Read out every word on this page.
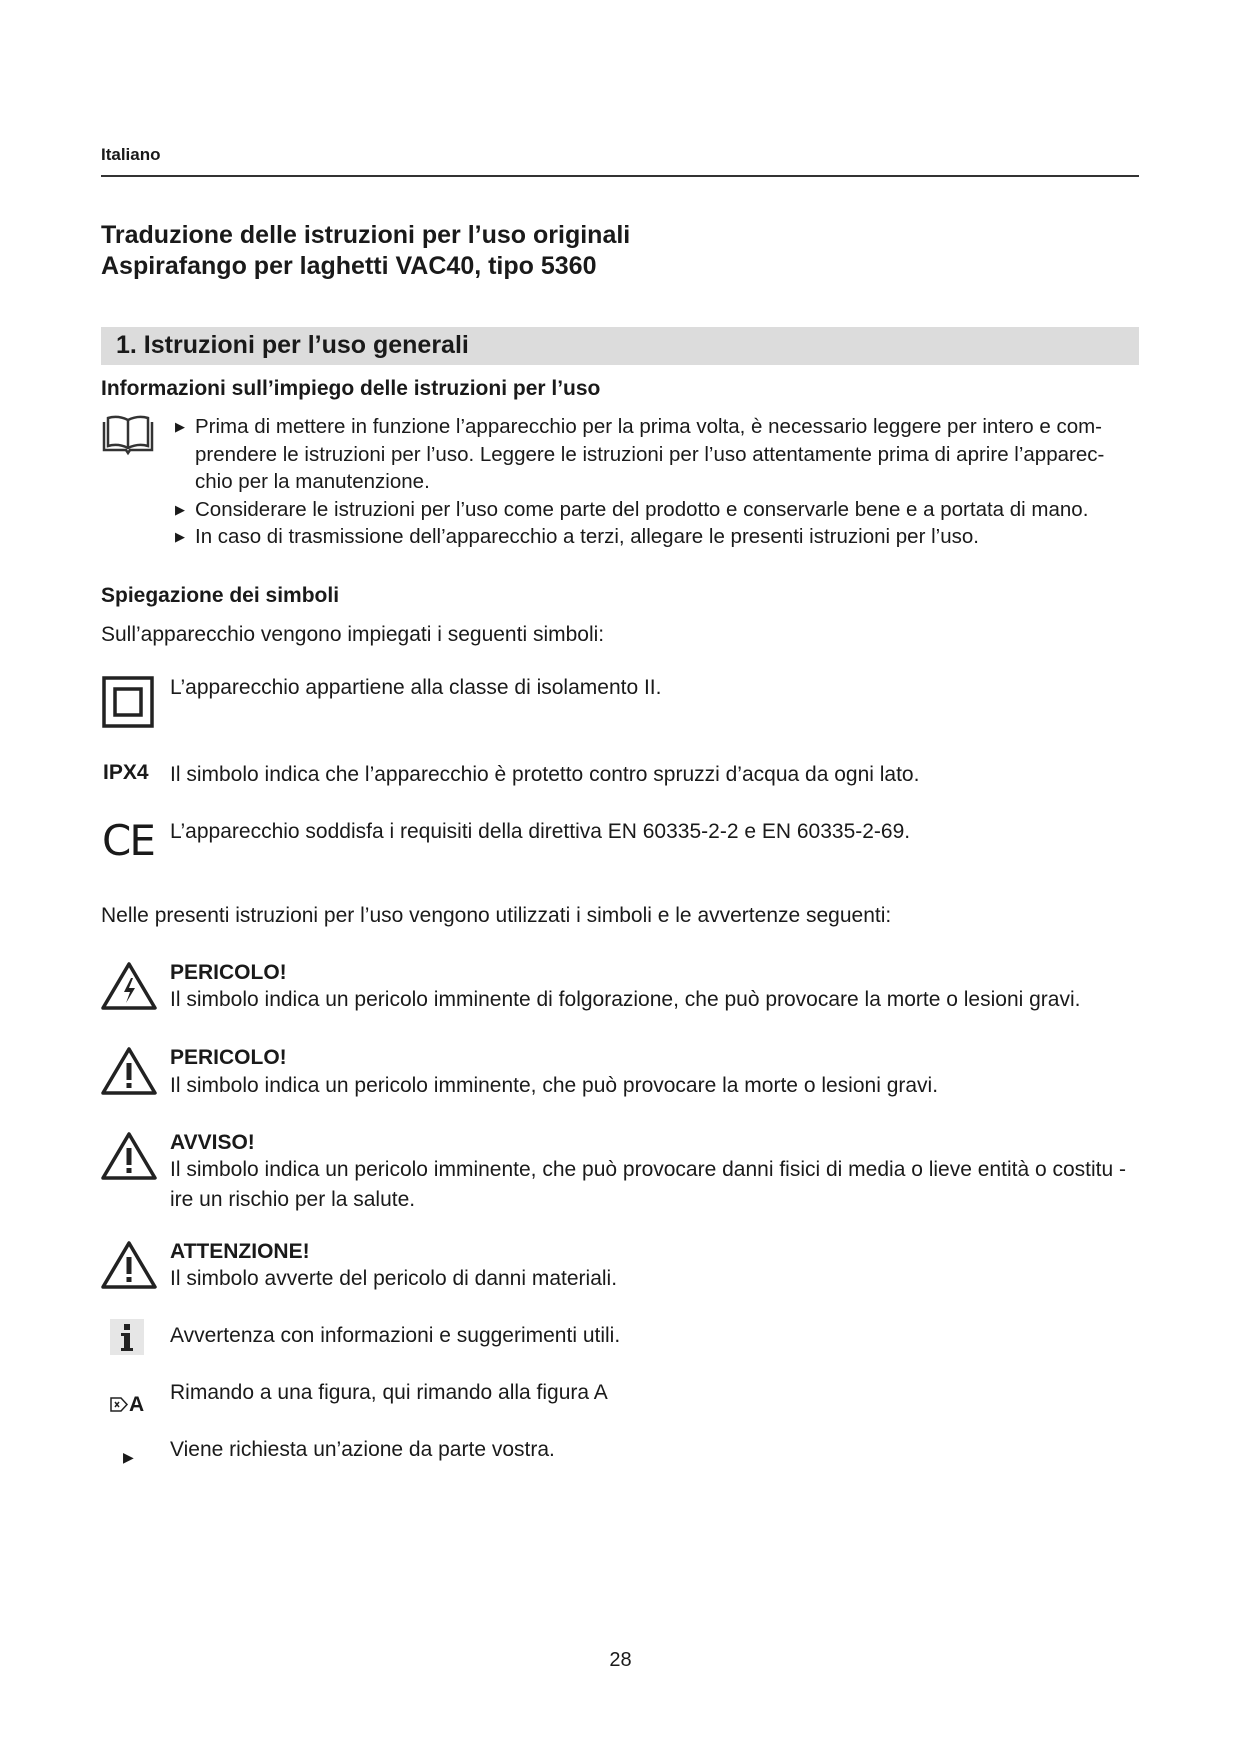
Italiano
Traduzione delle istruzioni per l’uso originali
Aspirafango per laghetti VAC40, tipo 5360
1. Istruzioni per l’uso generali
Informazioni sull’impiego delle istruzioni per l’uso
▶ Prima di mettere in funzione l’apparecchio per la prima volta, è necessario leggere per intero e com-
prendere le istruzioni per l’uso. Leggere le istruzioni per l’uso attentamente prima di aprire l’apparec-
chio per la manutenzione.
▶ Considerare le istruzioni per l’uso come parte del prodotto e conservarle bene e a portata di mano.
▶ In caso di trasmissione dell’apparecchio a terzi, allegare le presenti istruzioni per l’uso.
Spiegazione dei simboli
Sull’apparecchio vengono impiegati i seguenti simboli:
L’apparecchio appartiene alla classe di isolamento II.
IPX4 Il simbolo indica che l’apparecchio è protetto contro spruzzi d’acqua da ogni lato.
CE L’apparecchio soddisfa i requisiti della direttiva EN 60335-2-2 e EN 60335-2-69.
Nelle presenti istruzioni per l’uso vengono utilizzati i simboli e le avvertenze seguenti:
PERICOLO!
Il simbolo indica un pericolo imminente di folgorazione, che può provocare la morte o lesioni gravi.
PERICOLO!
Il simbolo indica un pericolo imminente, che può provocare la morte o lesioni gravi.
AVVISO!
Il simbolo indica un pericolo imminente, che può provocare danni fisici di media o lieve entità o costitu - ire un rischio per la salute.
ATTENZIONE!
Il simbolo avverte del pericolo di danni materiali.
Avvertenza con informazioni e suggerimenti utili.
A
Rimando a una figura, qui rimando alla figura A
▶ Viene richiesta un’azione da parte vostra.
28
